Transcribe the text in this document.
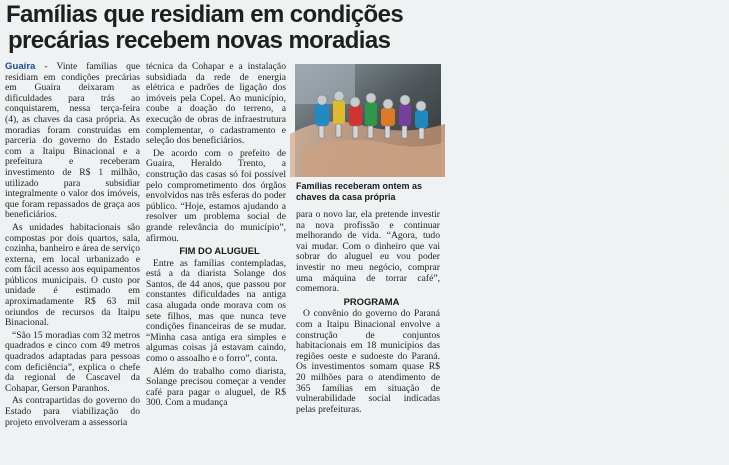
Famílias que residiam em condições
precárias recebem novas moradias

Guaíra - Vinte famílias que residiam em condições precárias em Guaíra deixaram as dificuldades para trás ao conquistarem, nessa terça-feira (4), as chaves da casa própria. As moradias foram construídas em parceria do governo do Estado com a Itaipu Binacional e a prefeitura e receberam investimento de R$ 1 milhão, utilizado para subsidiar integralmente o valor dos imóveis, que foram repassados de graça aos beneficiários.

As unidades habitacionais são compostas por dois quartos, sala, cozinha, banheiro e área de serviço externa, em local urbanizado e com fácil acesso aos equipamentos públicos municipais. O custo por unidade é estimado em aproximadamente R$ 63 mil oriundos de recursos da Itaipu Binacional.

“São 15 moradias com 32 metros quadrados e cinco com 49 metros quadrados adaptadas para pessoas com deficiência”, explica o chefe da regional de Cascavel da Cohapar, Gerson Paranhos.

As contrapartidas do governo do Estado para viabilização do projeto envolveram a assessoria

técnica da Cohapar e a instalação subsidiada da rede de energia elétrica e padrões de ligação dos imóveis pela Copel. Ao município, coube a doação do terreno, a execução de obras de infraestrutura complementar, o cadastramento e seleção dos beneficiários.

De acordo com o prefeito de Guaíra, Heraldo Trento, a construção das casas só foi possível pelo comprometimento dos órgãos envolvidos nas três esferas do poder público. “Hoje, estamos ajudando a resolver um problema social de grande relevância do município”, afirmou.

FIM DO ALUGUEL

Entre as famílias contempladas, está a da diarista Solange dos Santos, de 44 anos, que passou por constantes dificuldades na antiga casa alugada onde morava com os sete filhos, mas que nunca teve condições financeiras de se mudar. “Minha casa antiga era simples e algumas coisas já estavam caindo, como o assoalho e o forro”, conta.

Além do trabalho como diarista, Solange precisou começar a vender café para pagar o aluguel, de R$ 300. Com a mudança

PREFEITURA DE GUAÍRA
Famílias receberam ontem as chaves da casa própria

para o novo lar, ela pretende investir na nova profissão e continuar melhorando de vida. “Agora, tudo vai mudar. Com o dinheiro que vai sobrar do aluguel eu vou poder investir no meu negócio, comprar uma máquina de torrar café”, comemora.

PROGRAMA

O convênio do governo do Paraná com a Itaipu Binacional envolve a construção de conjuntos habitacionais em 18 municípios das regiões oeste e sudoeste do Paraná. Os investimentos somam quase R$ 20 milhões para o atendimento de 365 famílias em situação de vulnerabilidade social indicadas pelas prefeituras.
